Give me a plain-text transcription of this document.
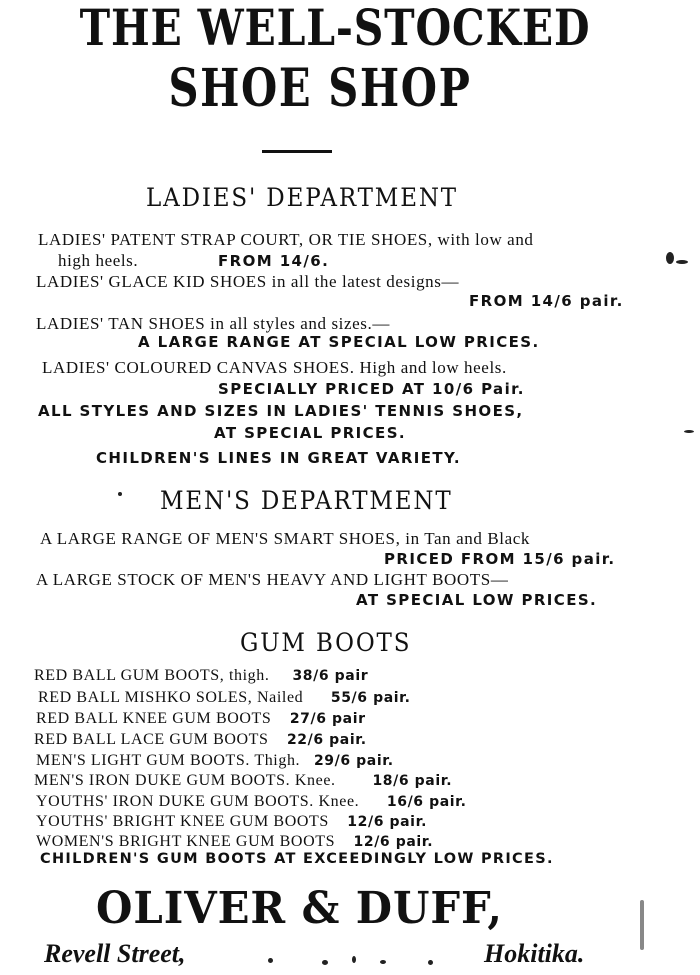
THE WELL-STOCKED
SHOE SHOP
LADIES' DEPARTMENT
LADIES' PATENT STRAP COURT, OR TIE SHOES, with low and
high heels.	FROM 14/6.
LADIES' GLACE KID SHOES in all the latest designs—
FROM 14/6 pair.
LADIES' TAN SHOES in all styles and sizes.—
A LARGE RANGE AT SPECIAL LOW PRICES.
LADIES' COLOURED CANVAS SHOES. High and low heels.
SPECIALLY PRICED AT 10/6 Pair.
ALL STYLES AND SIZES IN LADIES' TENNIS SHOES,
AT SPECIAL PRICES.
CHILDREN'S LINES IN GREAT VARIETY.
MEN'S DEPARTMENT
A LARGE RANGE OF MEN'S SMART SHOES, in Tan and Black
PRICED FROM 15/6 pair.
A LARGE STOCK OF MEN'S HEAVY AND LIGHT BOOTS—
AT SPECIAL LOW PRICES.
GUM BOOTS
RED BALL GUM BOOTS, thigh. 38/6 pair
RED BALL MISHKO SOLES, Nailed 55/6 pair.
RED BALL KNEE GUM BOOTS 27/6 pair
RED BALL LACE GUM BOOTS 22/6 pair.
MEN'S LIGHT GUM BOOTS. Thigh. 29/6 pair.
MEN'S IRON DUKE GUM BOOTS. Knee.	18/6 pair.
YOUTHS' IRON DUKE GUM BOOTS. Knee. 16/6 pair.
YOUTHS' BRIGHT KNEE GUM BOOTS 12/6 pair.
WOMEN'S BRIGHT KNEE GUM BOOTS 12/6 pair.
CHILDREN'S GUM BOOTS AT EXCEEDINGLY LOW PRICES.
OLIVER & DUFF,
Revell Street,	Hokitika.
